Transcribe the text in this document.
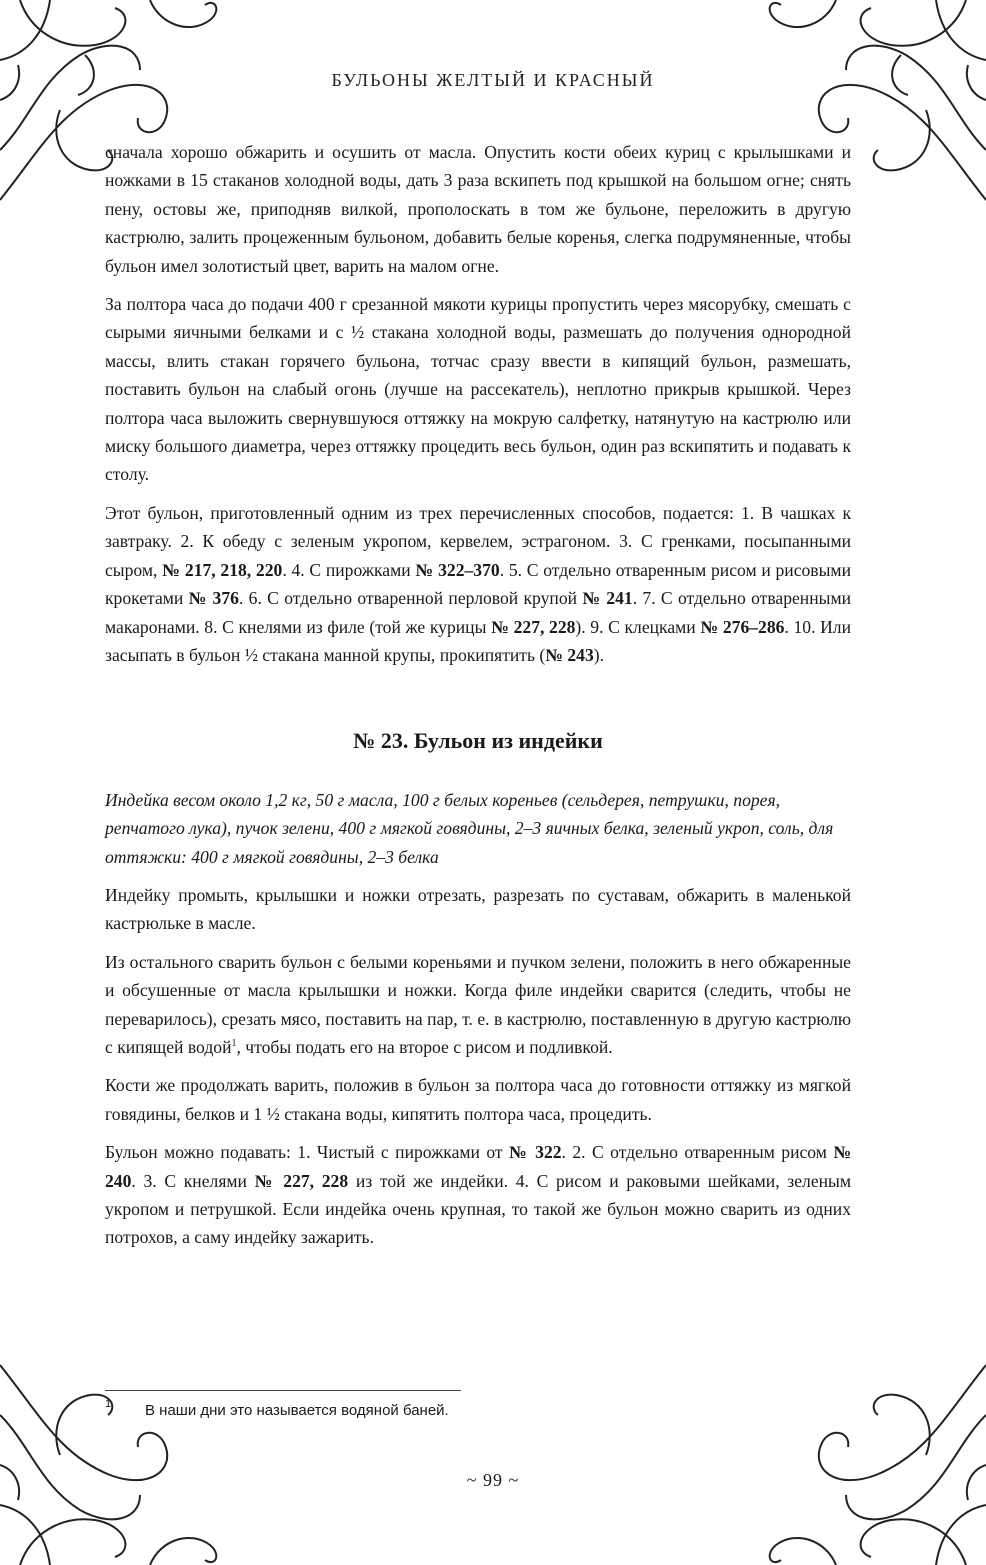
БУЛЬОНЫ ЖЕЛТЫЙ И КРАСНЫЙ

сначала хорошо обжарить и осушить от масла. Опустить кости обеих куриц с крылышками и ножками в 15 стаканов холодной воды, дать 3 раза вскипеть под крышкой на большом огне; снять пену, остовы же, приподняв вилкой, прополоскать в том же бульоне, переложить в другую кастрюлю, залить процеженным бульоном, добавить белые коренья, слегка подрумяненные, чтобы бульон имел золотистый цвет, варить на малом огне.

За полтора часа до подачи 400 г срезанной мякоти курицы пропустить через мясорубку, смешать с сырыми яичными белками и с ½ стакана холодной воды, размешать до получения однородной массы, влить стакан горячего бульона, тотчас сразу ввести в кипящий бульон, размешать, поставить бульон на слабый огонь (лучше на рассекатель), неплотно прикрыв крышкой. Через полтора часа выложить свернувшуюся оттяжку на мокрую салфетку, натянутую на кастрюлю или миску большого диаметра, через оттяжку процедить весь бульон, один раз вскипятить и подавать к столу.

Этот бульон, приготовленный одним из трех перечисленных способов, подается: 1. В чашках к завтраку. 2. К обеду с зеленым укропом, кервелем, эстрагоном. 3. С гренками, посыпанными сыром, № 217, 218, 220. 4. С пирожками № 322–370. 5. С отдельно отваренным рисом и рисовыми крокетами № 376. 6. С отдельно отваренной перловой крупой № 241. 7. С отдельно отваренными макаронами. 8. С кнелями из филе (той же курицы № 227, 228). 9. С клецками № 276–286. 10. Или засыпать в бульон ½ стакана манной крупы, прокипятить (№ 243).

№ 23. Бульон из индейки

Индейка весом около 1,2 кг, 50 г масла, 100 г белых кореньев (сельдерея, петрушки, порея, репчатого лука), пучок зелени, 400 г мягкой говядины, 2–3 яичных белка, зеленый укроп, соль, для оттяжки: 400 г мягкой говядины, 2–3 белка

Индейку промыть, крылышки и ножки отрезать, разрезать по суставам, обжарить в маленькой кастрюльке в масле.

Из остального сварить бульон с белыми кореньями и пучком зелени, положить в него обжаренные и обсушенные от масла крылышки и ножки. Когда филе индейки сварится (следить, чтобы не переварилось), срезать мясо, поставить на пар, т. е. в кастрюлю, поставленную в другую кастрюлю с кипящей водой$^1$, чтобы подать его на второе с рисом и подливкой.

Кости же продолжать варить, положив в бульон за полтора часа до готовности оттяжку из мягкой говядины, белков и 1 ½ стакана воды, кипятить полтора часа, процедить.

Бульон можно подавать: 1. Чистый с пирожками от № 322. 2. С отдельно отваренным рисом № 240. 3. С кнелями № 227, 228 из той же индейки. 4. С рисом и раковыми шейками, зеленым укропом и петрушкой. Если индейка очень крупная, то такой же бульон можно сварить из одних потрохов, а саму индейку зажарить.

1 В наши дни это называется водяной баней.
~ 99 ~
